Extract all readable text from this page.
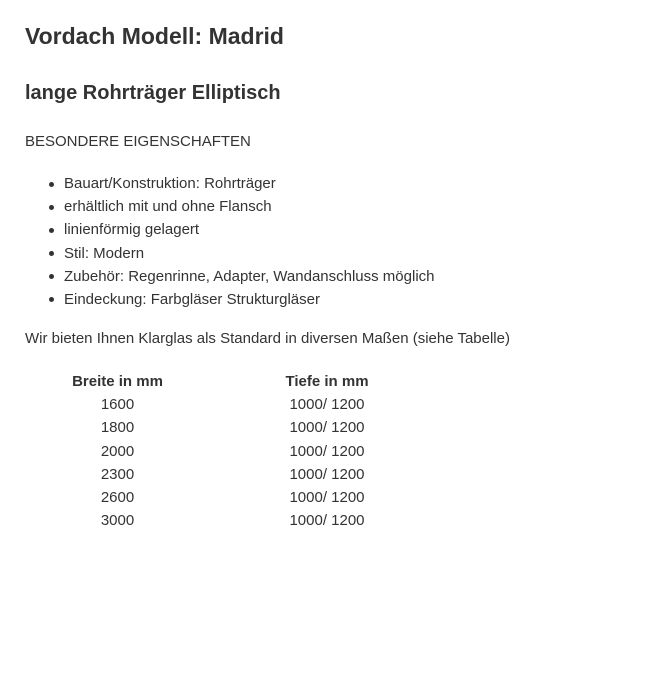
Vordach Modell: Madrid
lange Rohrträger Elliptisch
BESONDERE EIGENSCHAFTEN
Bauart/Konstruktion: Rohrträger
erhältlich mit und ohne Flansch
linienförmig gelagert
Stil: Modern
Zubehör: Regenrinne, Adapter, Wandanschluss möglich
Eindeckung: Farbgläser Strukturgläser
Wir bieten Ihnen Klarglas als Standard in diversen Maßen (siehe Tabelle)
Breite in mm		Tiefe in mm
1600		1000/ 1200
1800		1000/ 1200
2000		1000/ 1200
2300		1000/ 1200
2600		1000/ 1200
3000		1000/ 1200
